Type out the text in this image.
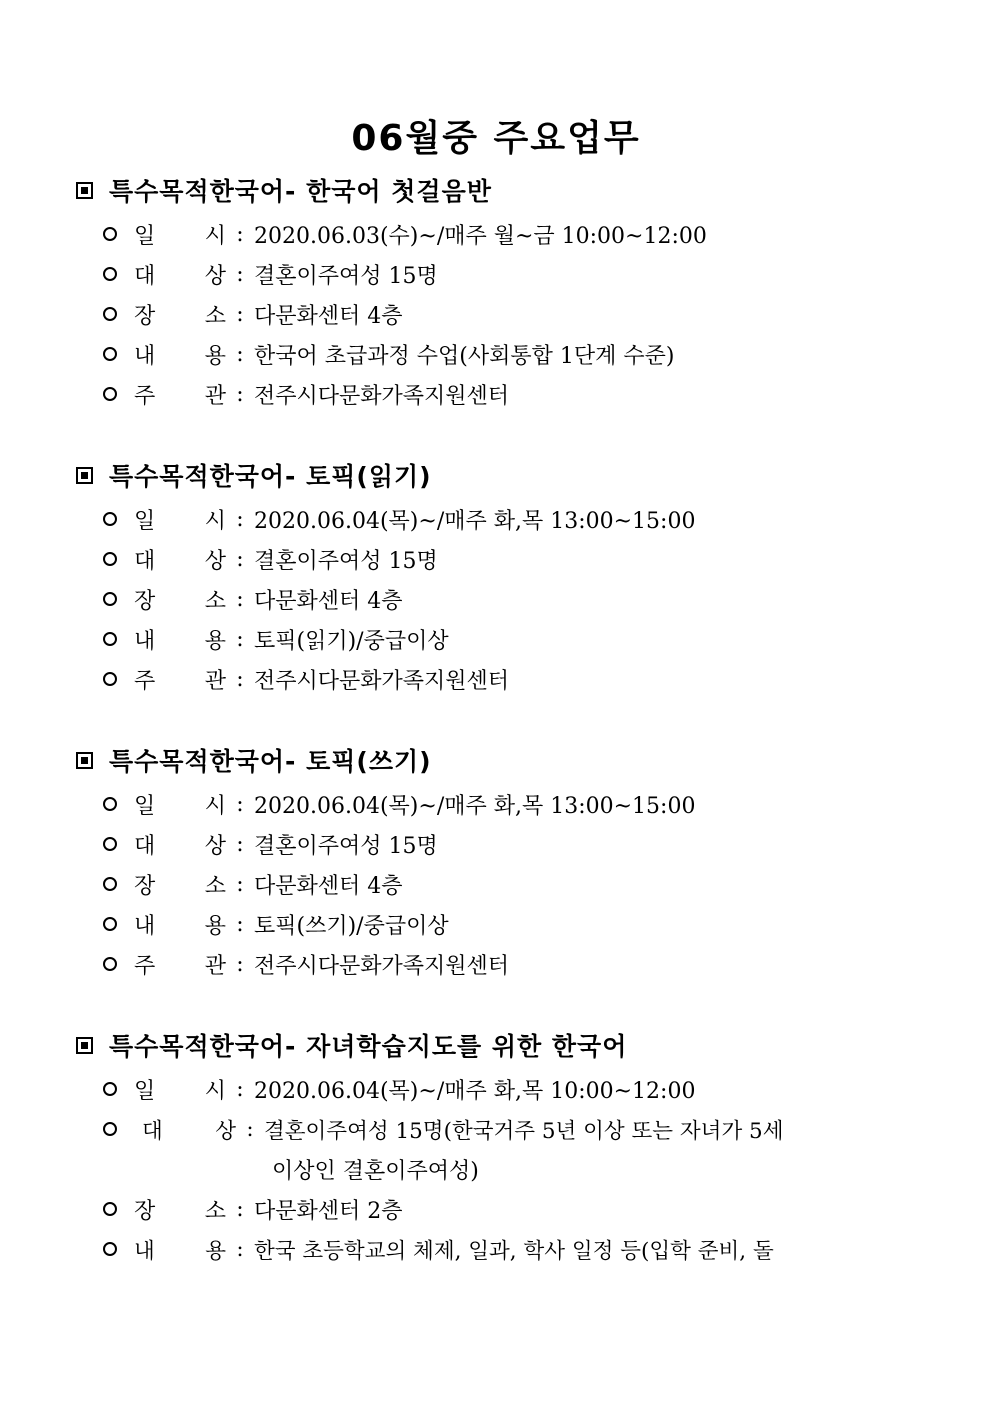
06월중 주요업무
특수목적한국어- 한국어 첫걸음반
일 시 : 2020.06.03(수)~/매주 월~금 10:00~12:00
대 상 : 결혼이주여성 15명
장 소 : 다문화센터 4층
내 용 : 한국어 초급과정 수업(사회통합 1단계 수준)
주 관 : 전주시다문화가족지원센터
특수목적한국어- 토픽(읽기)
일 시 : 2020.06.04(목)~/매주 화,목 13:00~15:00
대 상 : 결혼이주여성 15명
장 소 : 다문화센터 4층
내 용 : 토픽(읽기)/중급이상
주 관 : 전주시다문화가족지원센터
특수목적한국어- 토픽(쓰기)
일 시 : 2020.06.04(목)~/매주 화,목 13:00~15:00
대 상 : 결혼이주여성 15명
장 소 : 다문화센터 4층
내 용 : 토픽(쓰기)/중급이상
주 관 : 전주시다문화가족지원센터
특수목적한국어- 자녀학습지도를 위한 한국어
일 시 : 2020.06.04(목)~/매주 화,목 10:00~12:00
대 상 : 결혼이주여성 15명(한국거주 5년 이상 또는 자녀가 5세
이상인 결혼이주여성)
장 소 : 다문화센터 2층
내 용 : 한국 초등학교의 체제, 일과, 학사 일정 등(입학 준비, 돌
